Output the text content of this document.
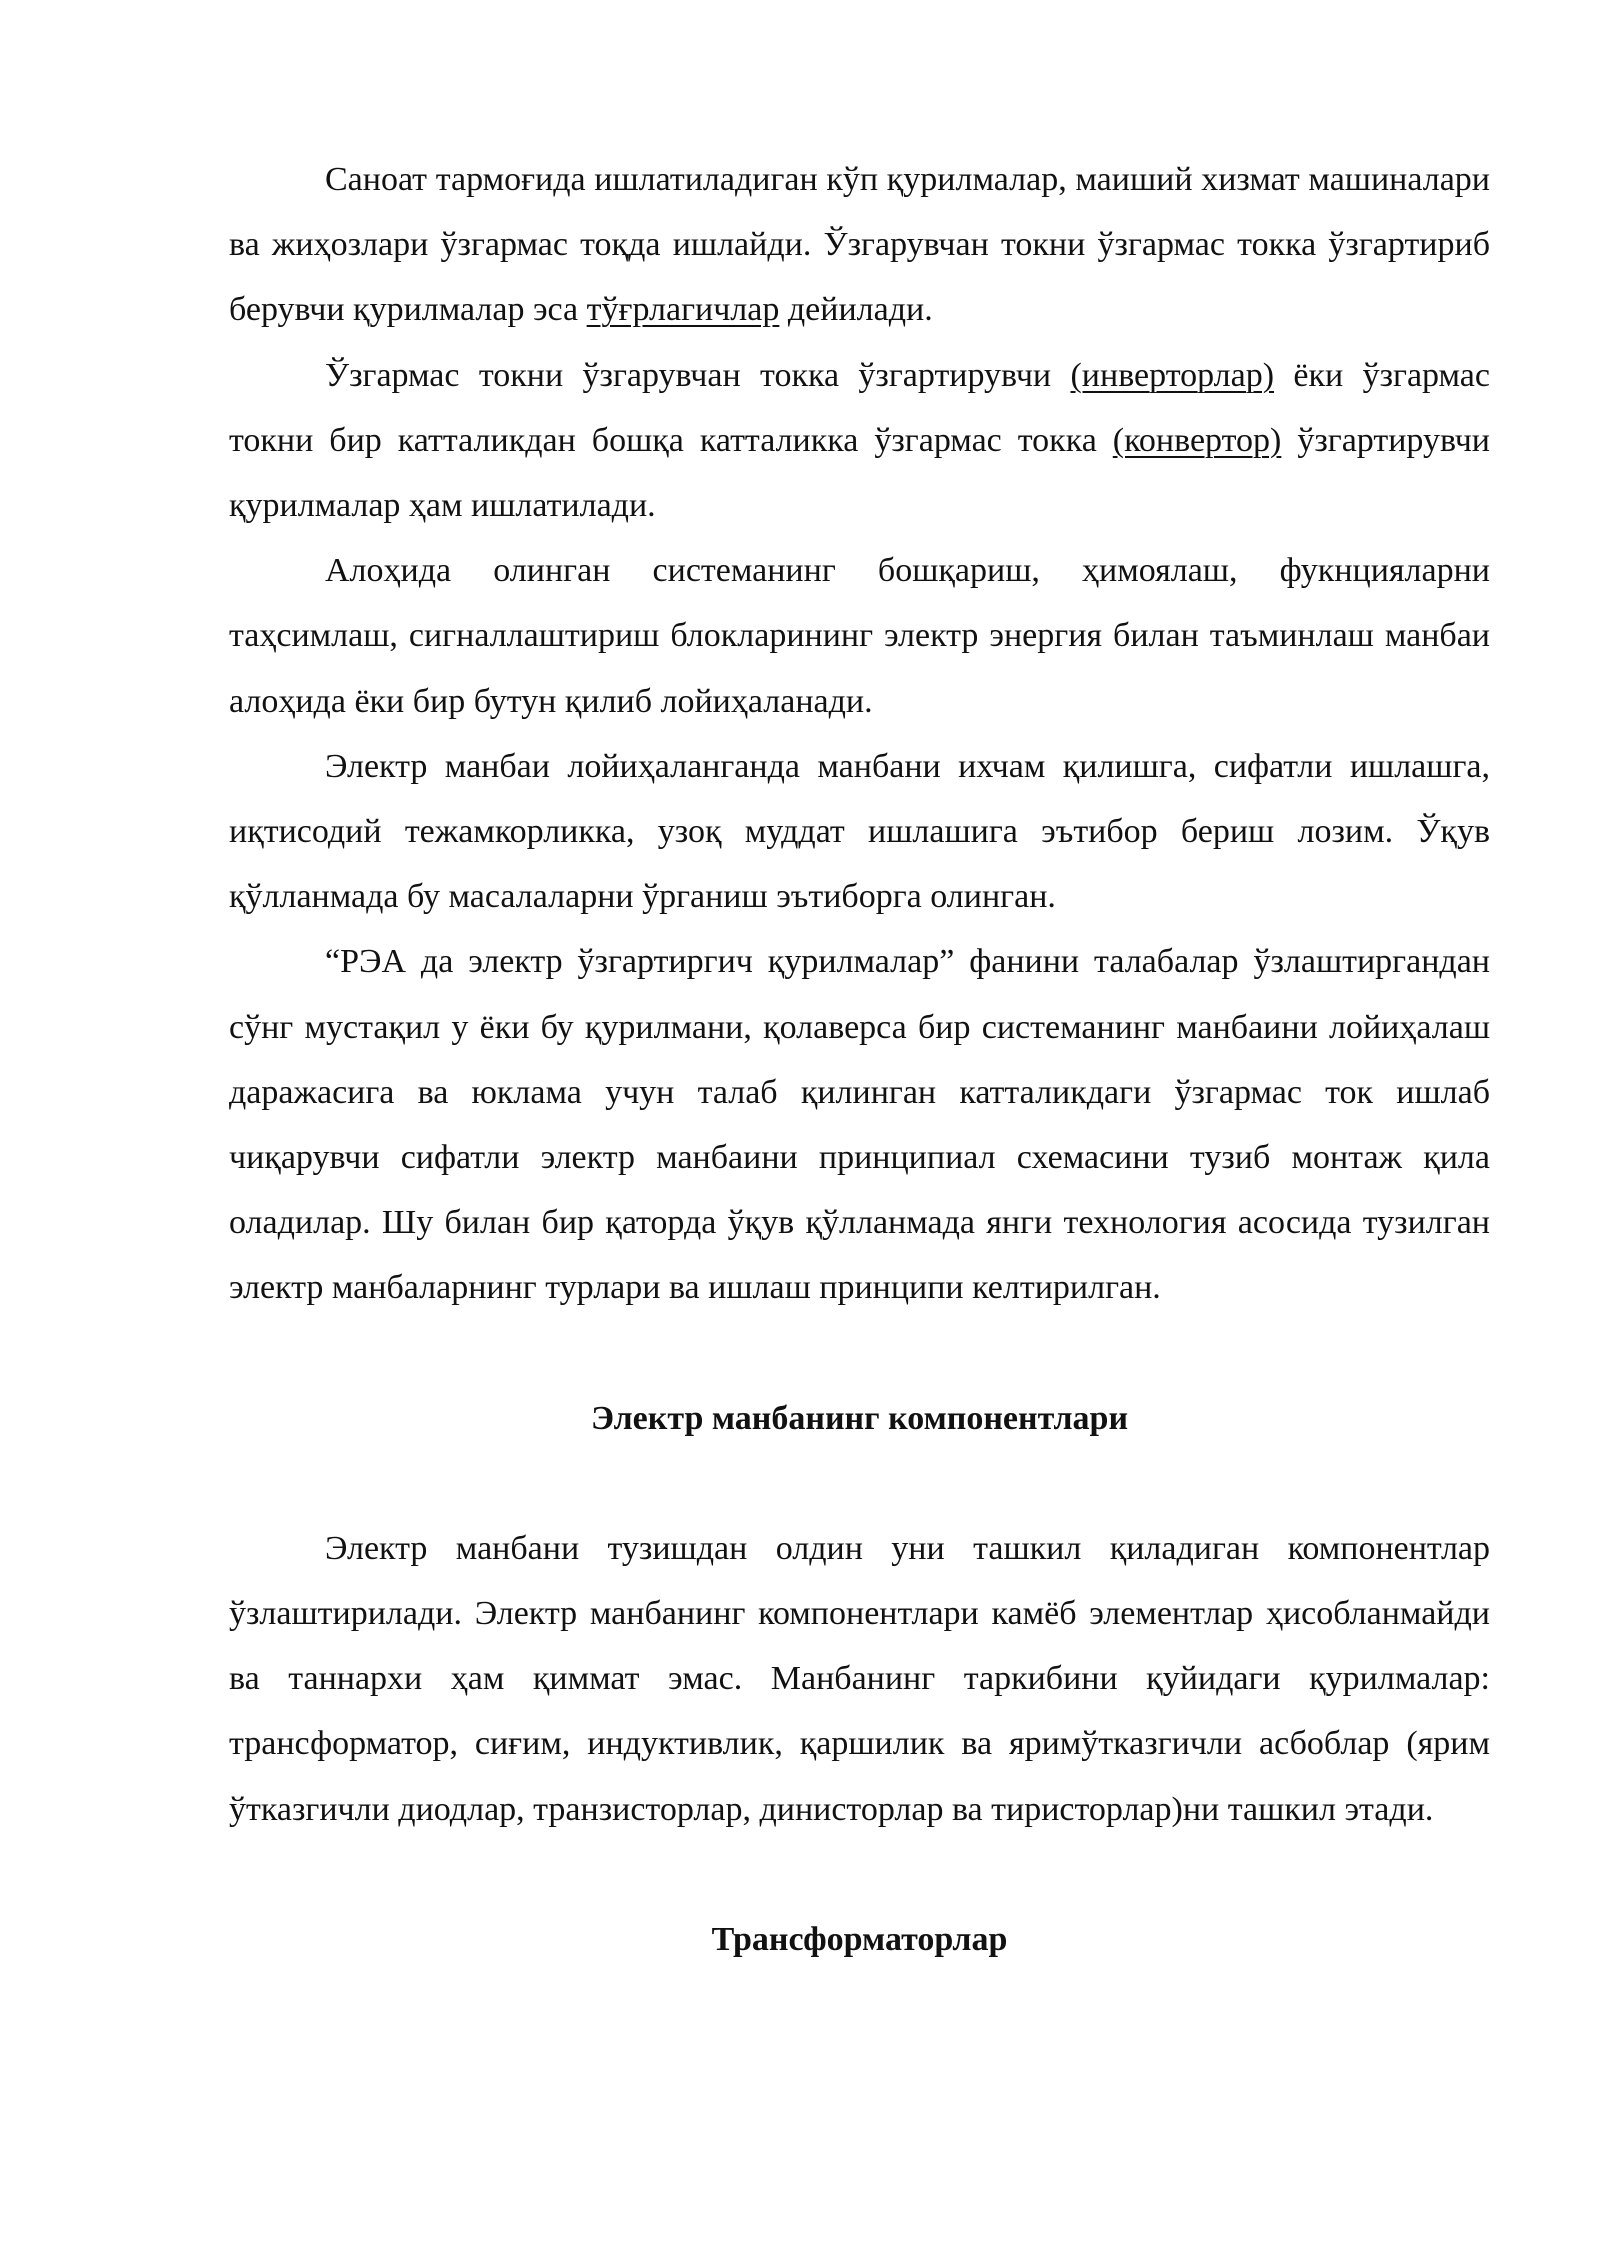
Саноат тармоғида ишлатиладиган кўп қурилмалар, маиший хизмат машиналари ва жиҳозлари ўзгармас тоқда ишлайди. Ўзгарувчан токни ўзгармас токка ўзгартириб берувчи қурилмалар эса тўғрлагичлар дейилади.

Ўзгармас токни ўзгарувчан токка ўзгартирувчи (инверторлар) ёки ўзгармас токни бир катталикдан бошқа катталикка ўзгармас токка (конвертор) ўзгартирувчи қурилмалар ҳам ишлатилади.

Алоҳида олинган системанинг бошқариш, ҳимоялаш, фукнцияларни таҳсимлаш, сигналлаштириш блокларининг электр энергия билан таъминлаш манбаи алоҳида ёки бир бутун қилиб лойиҳаланади.

Электр манбаи лойиҳаланганда манбани ихчам қилишга, сифатли ишлашга, иқтисодий тежамкорликка, узоқ муддат ишлашига эътибор бериш лозим. Ўқув қўлланмада бу масалаларни ўрганиш эътиборга олинган.

“РЭА да электр ўзгартиргич қурилмалар” фанини талабалар ўзлаштиргандан сўнг мустақил у ёки бу қурилмани, қолаверса бир системанинг манбаини лойиҳалаш даражасига ва юклама учун талаб қилинган катталикдаги ўзгармас ток ишлаб чиқарувчи сифатли электр манбаини принципиал схемасини тузиб монтаж қила оладилар. Шу билан бир қаторда ўқув қўлланмада янги технология асосида тузилган электр манбаларнинг турлари ва ишлаш принципи келтирилган.

Электр манбанинг компонентлари

Электр манбани тузишдан олдин уни ташкил қиладиган компонентлар ўзлаштирилади. Электр манбанинг компонентлари камёб элементлар ҳисобланмайди ва таннархи ҳам қиммат эмас. Манбанинг таркибини қуйидаги қурилмалар: трансформатор, сиғим, индуктивлик, қаршилик ва яримўтказгичли асбоблар (ярим ўтказгичли диодлар, транзисторлар, динисторлар ва тиристорлар)ни ташкил этади.

Трансформаторлар
